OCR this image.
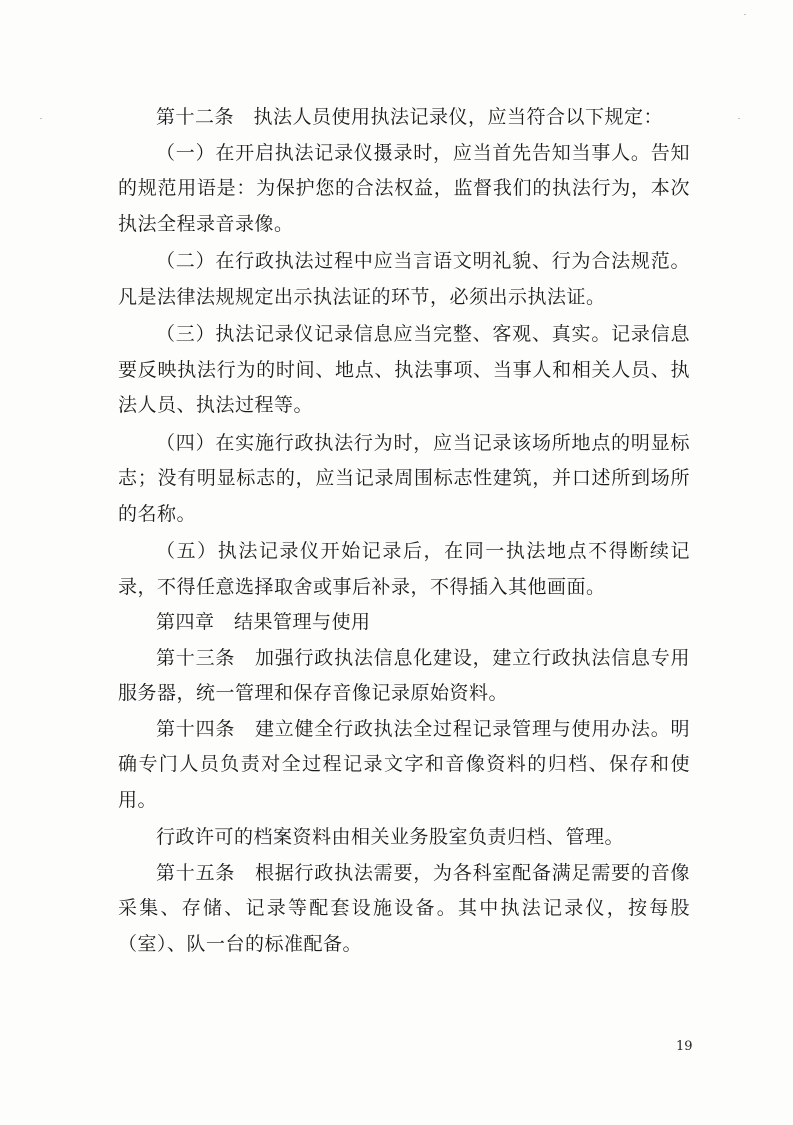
第十二条　执法人员使用执法记录仪，应当符合以下规定：

（一）在开启执法记录仪摄录时，应当首先告知当事人。告知的规范用语是：为保护您的合法权益，监督我们的执法行为，本次执法全程录音录像。

（二）在行政执法过程中应当言语文明礼貌、行为合法规范。凡是法律法规规定出示执法证的环节，必须出示执法证。

（三）执法记录仪记录信息应当完整、客观、真实。记录信息要反映执法行为的时间、地点、执法事项、当事人和相关人员、执法人员、执法过程等。

（四）在实施行政执法行为时，应当记录该场所地点的明显标志；没有明显标志的，应当记录周围标志性建筑，并口述所到场所的名称。

（五）执法记录仪开始记录后，在同一执法地点不得断续记录，不得任意选择取舍或事后补录，不得插入其他画面。

第四章　结果管理与使用

第十三条　加强行政执法信息化建设，建立行政执法信息专用服务器，统一管理和保存音像记录原始资料。

第十四条　建立健全行政执法全过程记录管理与使用办法。明确专门人员负责对全过程记录文字和音像资料的归档、保存和使用。

行政许可的档案资料由相关业务股室负责归档、管理。

第十五条　根据行政执法需要，为各科室配备满足需要的音像采集、存储、记录等配套设施设备。其中执法记录仪，按每股（室）、队一台的标准配备。

19
